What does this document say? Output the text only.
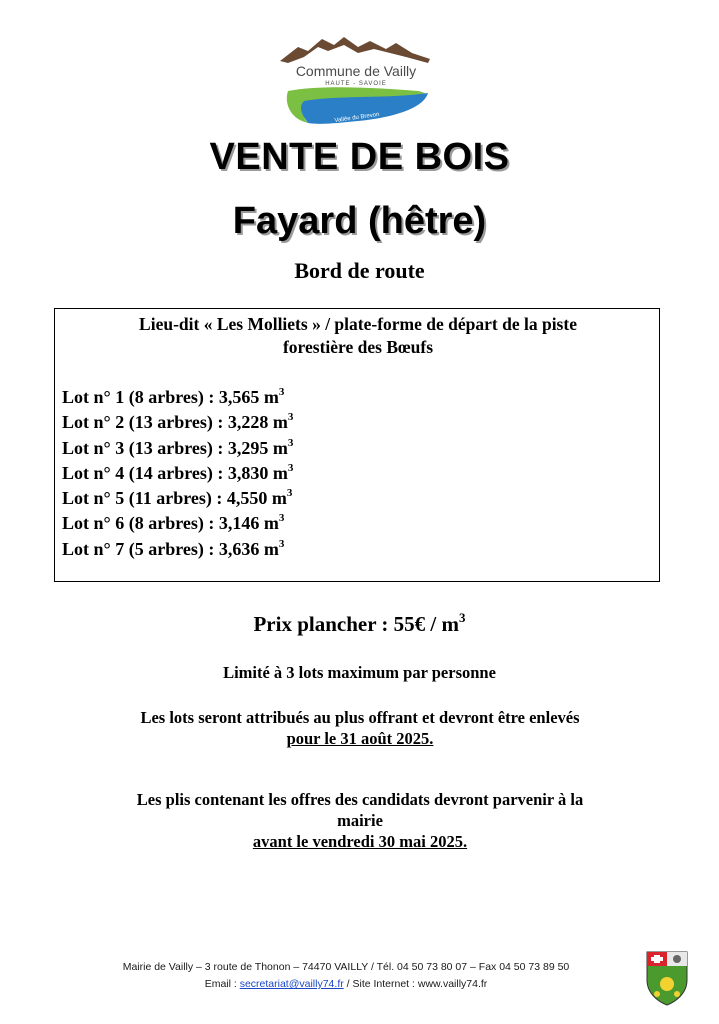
Commune de Vailly
HAUTE - SAVOIE
Vallée du Brevon
VENTE DE BOIS
Fayard (hêtre)
Bord de route
Lieu-dit « Les Molliets » / plate-forme de départ de la piste
forestière des Bœufs
Lot n° 1 (8 arbres) : 3,565 $m^3$
Lot n° 2 (13 arbres) : 3,228 $m^3$
Lot n° 3 (13 arbres) : 3,295 $m^3$
Lot n° 4 (14 arbres) : 3,830 $m^3$
Lot n° 5 (11 arbres) : 4,550 $m^3$
Lot n° 6 (8 arbres) : 3,146 $m^3$
Lot n° 7 (5 arbres) : 3,636 $m^3$
Prix plancher : 55€ / $m^3$
Limité à 3 lots maximum par personne
Les lots seront attribués au plus offrant et devront être enlevés
pour le 31 août 2025.
Les plis contenant les offres des candidats devront parvenir à la
mairie
avant le vendredi 30 mai 2025.
Mairie de Vailly – 3 route de Thonon – 74470 VAILLY / Tél. 04 50 73 80 07 – Fax 04 50 73 89 50
Email : secretariat@vailly74.fr / Site Internet : www.vailly74.fr
